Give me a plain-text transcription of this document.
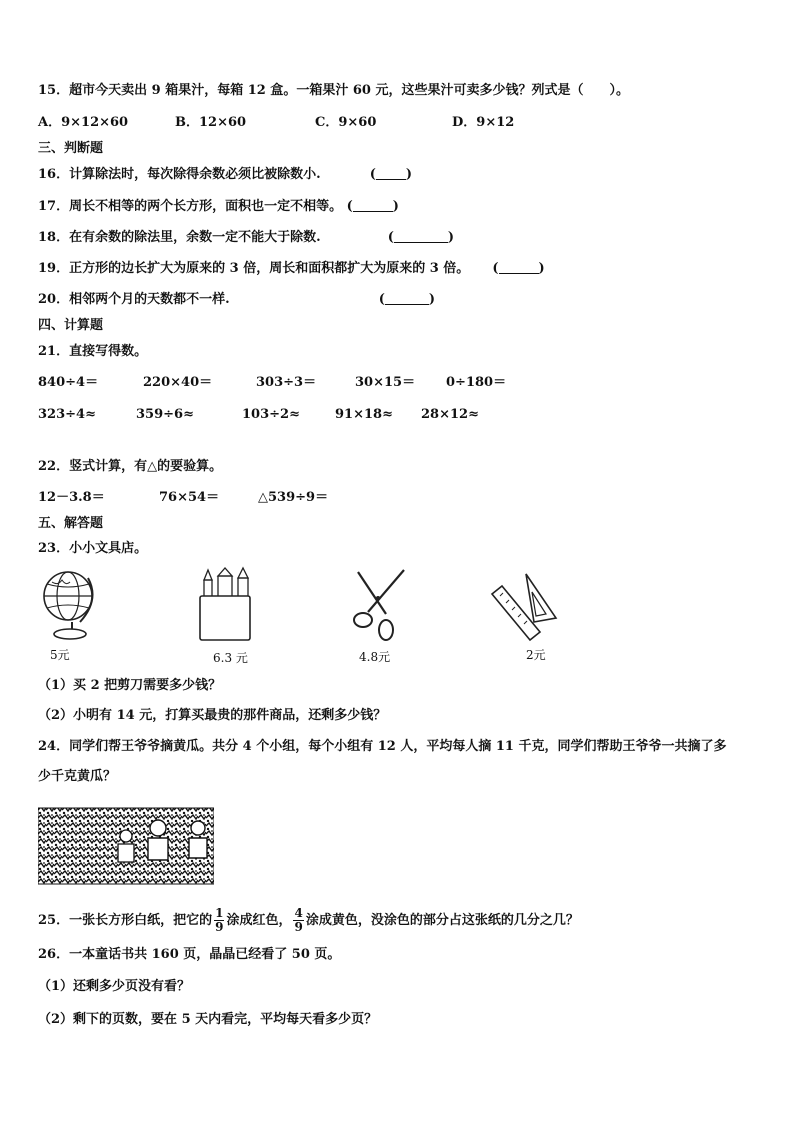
15．超市今天卖出 9 箱果汁，每箱 12 盒。一箱果汁 60 元，这些果汁可卖多少钱？列式是（　　）。
A．9×12×60	B．12×60	C．9×60	D．9×12
三、判断题
16．计算除法时，每次除得余数必须比被除数小.	( )
17．周长不相等的两个长方形，面积也一定不相等。 (	)
18．在有余数的除法里，余数一定不能大于除数.	(	)
19．正方形的边长扩大为原来的 3 倍，周长和面积都扩大为原来的 3 倍。 (	)
20．相邻两个月的天数都不一样.	(	)
四、计算题
21．直接写得数。
840÷4＝	220×40＝	303÷3＝	30×15＝ 0÷180＝
323÷4≈	359÷6≈	103÷2≈	91×18≈ 28×12≈
22．竖式计算，有△的要验算。
12－3.8＝	76×54＝	△539÷9＝
五、解答题
23．小小文具店。
5元	6.3 元	4.8元	2元
（1）买 2 把剪刀需要多少钱？
（2）小明有 14 元，打算买最贵的那件商品，还剩多少钱？
24．同学们帮王爷爷摘黄瓜。共分 4 个小组，每个小组有 12 人，平均每人摘 11 千克，同学们帮助王爷爷一共摘了多
少千克黄瓜？
25．一张长方形白纸，把它的 $\frac{1}{9}$ 涂成红色， $\frac{4}{9}$ 涂成黄色，没涂色的部分占这张纸的几分之几？
26．一本童话书共 160 页，晶晶已经看了 50 页。
（1）还剩多少页没有看？
（2）剩下的页数，要在 5 天内看完，平均每天看多少页？
